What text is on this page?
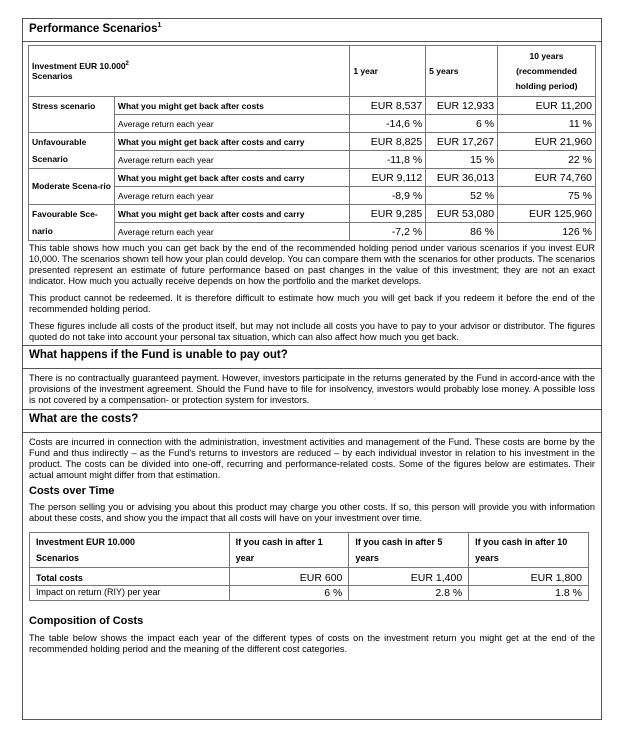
Performance Scenarios$^1$
Investment EUR 10.000$^2$
Scenarios		1 year	5 years	10 years (recommended holding period)
Stress scenario	What you might get back after costs	EUR 8,537	EUR 12,933	EUR 11,200
	Average return each year	-14,6 %	6 %	11 %
Unfavourable Scenario	What you might get back after costs and carry	EUR 8,825	EUR 17,267	EUR 21,960
	Average return each year	-11,8 %	15 %	22 %
Moderate Scena-rio	What you might get back after costs and carry	EUR 9,112	EUR 36,013	EUR 74,760
	Average return each year	-8,9 %	52 %	75 %
Favourable Sce-nario	What you might get back after costs and carry	EUR 9,285	EUR 53,080	EUR 125,960
	Average return each year	-7,2 %	86 %	126 %

This table shows how much you can get back by the end of the recommended holding period under various scenarios if you invest EUR 10,000. The scenarios shown tell how your plan could develop. You can compare them with the scenarios for other products. The scenarios presented represent an estimate of future performance based on past changes in the value of this investment; they are not an exact indicator. How much you actually receive depends on how the portfolio and the market develops.

This product cannot be redeemed. It is therefore difficult to estimate how much you will get back if you redeem it before the end of the recommended holding period.

These figures include all costs of the product itself, but may not include all costs you have to pay to your advisor or distributor. The figures quoted do not take into account your personal tax situation, which can also affect how much you get back.

What happens if the Fund is unable to pay out?

There is no contractually guaranteed payment. However, investors participate in the returns generated by the Fund in accord-ance with the provisions of the investment agreement. Should the Fund have to file for insolvency, investors would probably lose money. A possible loss is not covered by a compensation- or protection system for investors.

What are the costs?

Costs are incurred in connection with the administration, investment activities and management of the Fund. These costs are borne by the Fund and thus indirectly – as the Fund's returns to investors are reduced – by each individual investor in relation to his investment in the product. The costs can be divided into one-off, recurring and performance-related costs. Some of the figures below are estimates. Their actual amount might differ from that estimation.

Costs over Time

The person selling you or advising you about this product may charge you other costs. If so, this person will provide you with information about these costs, and show you the impact that all costs will have on your investment over time.

Investment EUR 10.000
Scenarios	If you cash in after 1 year	If you cash in after 5 years	If you cash in after 10 years
Total costs	EUR 600	EUR 1,400	EUR 1,800
Impact on return (RIY) per year	6 %	2.8 %	1.8 %
Composition of Costs

The table below shows the impact each year of the different types of costs on the investment return you might get at the end of the recommended holding period and the meaning of the different cost categories.
